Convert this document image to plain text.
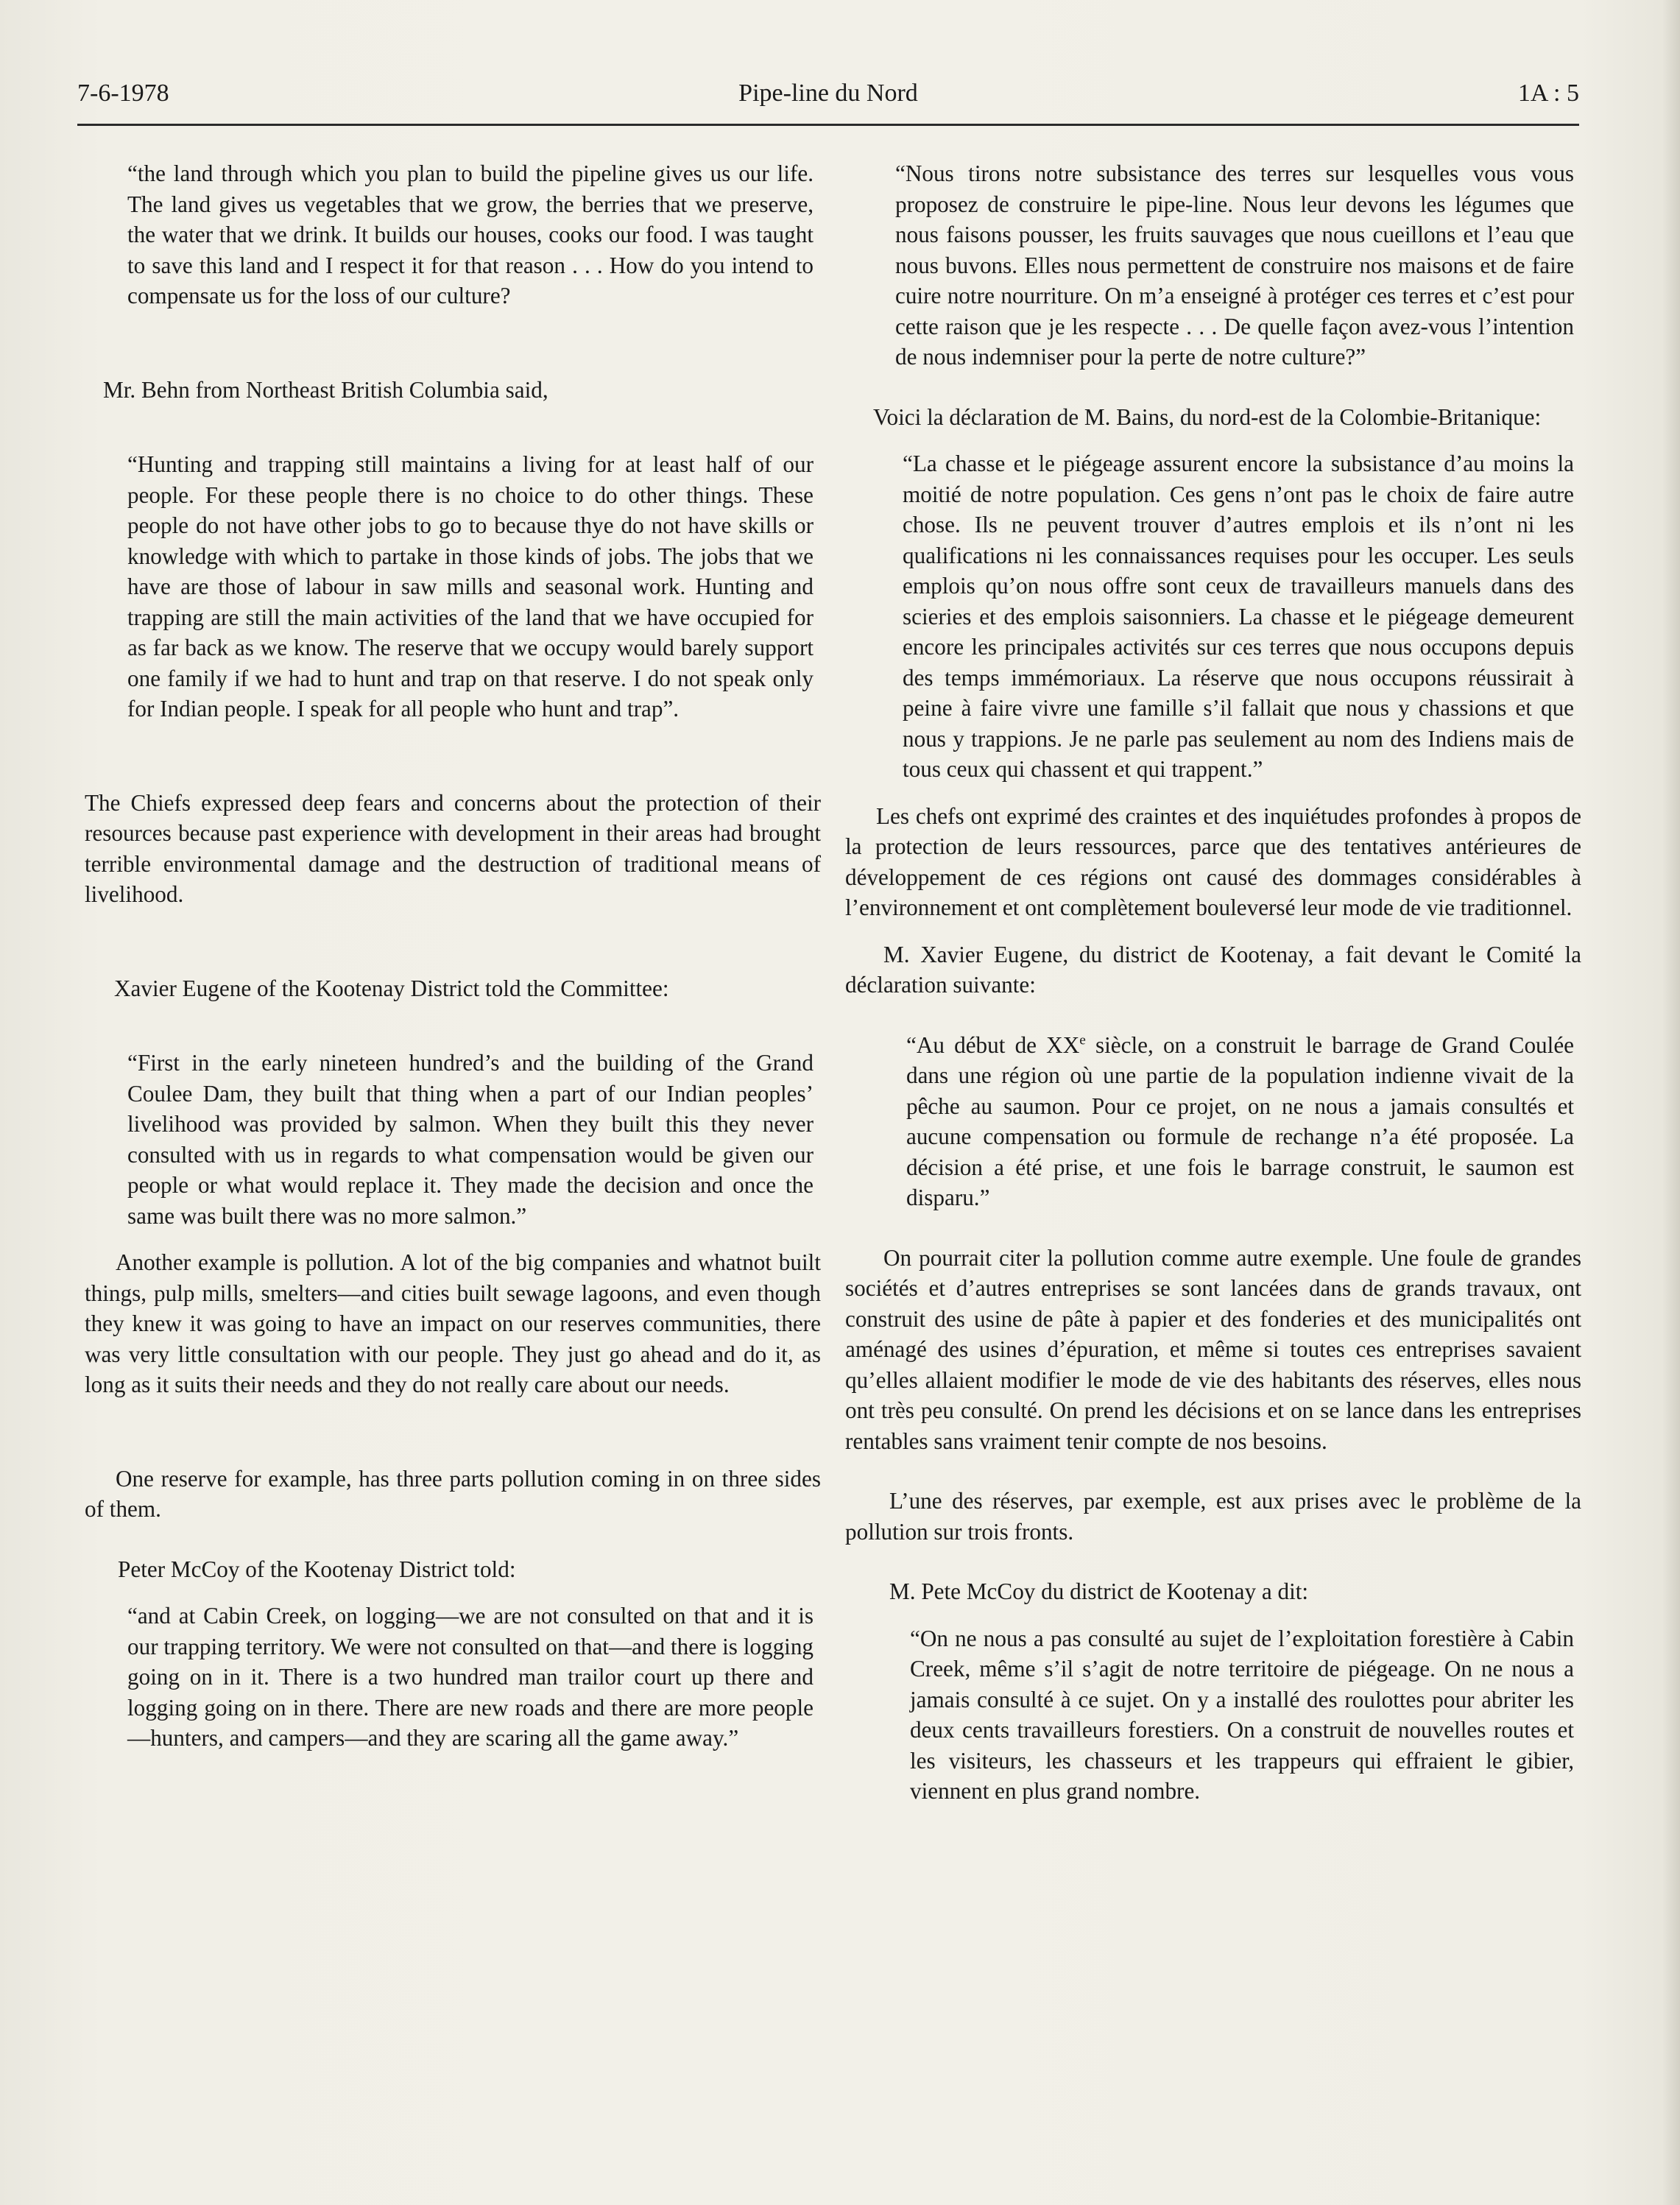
7-6-1978	Pipe-line du Nord	1A : 5

“the land through which you plan to build the pipeline gives us our life. The land gives us vegetables that we grow, the berries that we preserve, the water that we drink. It builds our houses, cooks our food. I was taught to save this land and I respect it for that reason . . . How do you intend to compensate us for the loss of our culture?

Mr. Behn from Northeast British Columbia said,

“Hunting and trapping still maintains a living for at least half of our people. For these people there is no choice to do other things. These people do not have other jobs to go to because thye do not have skills or knowledge with which to partake in those kinds of jobs. The jobs that we have are those of labour in saw mills and seasonal work. Hunting and trapping are still the main activities of the land that we have occupied for as far back as we know. The reserve that we occupy would barely support one family if we had to hunt and trap on that reserve. I do not speak only for Indian people. I speak for all people who hunt and trap”.

The Chiefs expressed deep fears and concerns about the protection of their resources because past experience with development in their areas had brought terrible environmental damage and the destruction of traditional means of livelihood.

Xavier Eugene of the Kootenay District told the Committee:

“First in the early nineteen hundred’s and the building of the Grand Coulee Dam, they built that thing when a part of our Indian peoples’ livelihood was provided by salmon. When they built this they never consulted with us in regards to what compensation would be given our people or what would replace it. They made the decision and once the same was built there was no more salmon.”

Another example is pollution. A lot of the big companies and whatnot built things, pulp mills, smelters—and cities built sewage lagoons, and even though they knew it was going to have an impact on our reserves communities, there was very little consultation with our people. They just go ahead and do it, as long as it suits their needs and they do not really care about our needs.

One reserve for example, has three parts pollution coming in on three sides of them.

Peter McCoy of the Kootenay District told:

“and at Cabin Creek, on logging—we are not consulted on that and it is our trapping territory. We were not consulted on that—and there is logging going on in it. There is a two hundred man trailor court up there and logging going on in there. There are new roads and there are more people—hunters, and campers—and they are scaring all the game away.”

“Nous tirons notre subsistance des terres sur lesquelles vous vous proposez de construire le pipe-line. Nous leur devons les légumes que nous faisons pousser, les fruits sauvages que nous cueillons et l’eau que nous buvons. Elles nous permettent de construire nos maisons et de faire cuire notre nourriture. On m’a enseigné à protéger ces terres et c’est pour cette raison que je les respecte . . . De quelle façon avez-vous l’intention de nous indemniser pour la perte de notre culture?”

Voici la déclaration de M. Bains, du nord-est de la Colombie-Britanique:

“La chasse et le piégeage assurent encore la subsistance d’au moins la moitié de notre population. Ces gens n’ont pas le choix de faire autre chose. Ils ne peuvent trouver d’autres emplois et ils n’ont ni les qualifications ni les connaissances requises pour les occuper. Les seuls emplois qu’on nous offre sont ceux de travailleurs manuels dans des scieries et des emplois saisonniers. La chasse et le piégeage demeurent encore les principales activités sur ces terres que nous occupons depuis des temps immémoriaux. La réserve que nous occupons réussirait à peine à faire vivre une famille s’il fallait que nous y chassions et que nous y trappions. Je ne parle pas seulement au nom des Indiens mais de tous ceux qui chassent et qui trappent.”

Les chefs ont exprimé des craintes et des inquiétudes profondes à propos de la protection de leurs ressources, parce que des tentatives antérieures de développement de ces régions ont causé des dommages considérables à l’environnement et ont complètement bouleversé leur mode de vie traditionnel.

M. Xavier Eugene, du district de Kootenay, a fait devant le Comité la déclaration suivante:

“Au début de XXe siècle, on a construit le barrage de Grand Coulée dans une région où une partie de la population indienne vivait de la pêche au saumon. Pour ce projet, on ne nous a jamais consultés et aucune compensation ou formule de rechange n’a été proposée. La décision a été prise, et une fois le barrage construit, le saumon est disparu.”

On pourrait citer la pollution comme autre exemple. Une foule de grandes sociétés et d’autres entreprises se sont lancées dans de grands travaux, ont construit des usine de pâte à papier et des fonderies et des municipalités ont aménagé des usines d’épuration, et même si toutes ces entreprises savaient qu’elles allaient modifier le mode de vie des habitants des réserves, elles nous ont très peu consulté. On prend les décisions et on se lance dans les entreprises rentables sans vraiment tenir compte de nos besoins.

L’une des réserves, par exemple, est aux prises avec le problème de la pollution sur trois fronts.

M. Pete McCoy du district de Kootenay a dit:

“On ne nous a pas consulté au sujet de l’exploitation forestière à Cabin Creek, même s’il s’agit de notre territoire de piégeage. On ne nous a jamais consulté à ce sujet. On y a installé des roulottes pour abriter les deux cents travailleurs forestiers. On a construit de nouvelles routes et les visiteurs, les chasseurs et les trappeurs qui effraient le gibier, viennent en plus grand nombre.
